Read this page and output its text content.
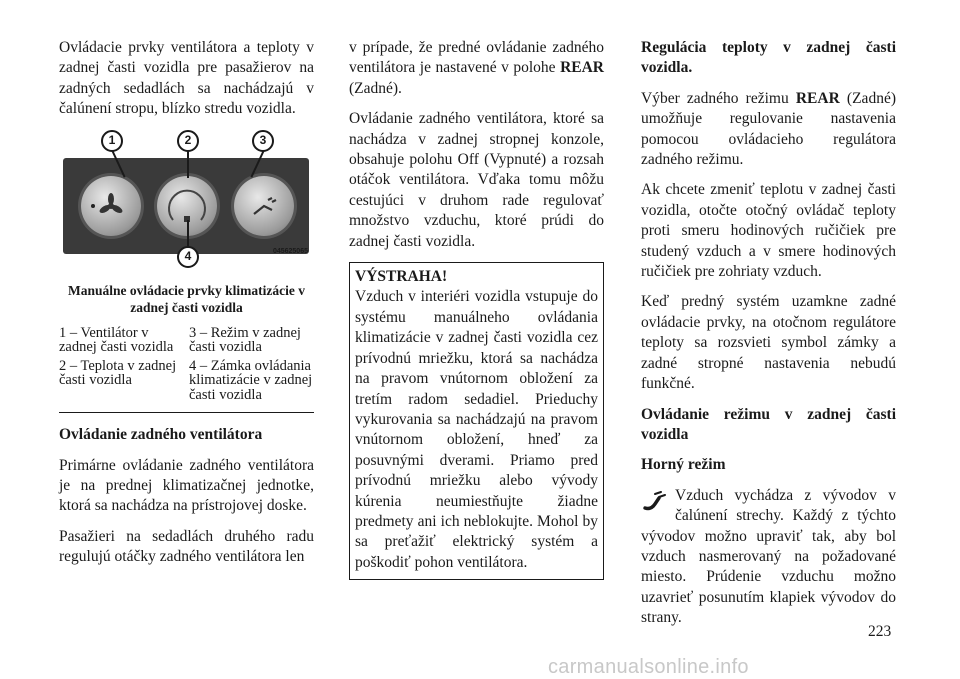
Ovládacie prvky ventilátora a teploty v zadnej časti vozidla pre pasažierov na zadných sedadlách sa nachádzajú v čalúnení stropu, blízko stredu vozidla.

1	2	3
4	045625065
Manuálne ovládacie prvky klimatizácie v zadnej časti vozidla
1 – Ventilátor v zadnej časti vozidla
3 – Režim v zadnej časti vozidla
2 – Teplota v zadnej časti vozidla
4 – Zámka ovládania klimatizácie v zadnej časti vozidla

Ovládanie zadného ventilátora

Primárne ovládanie zadného ventilátora je na prednej klimatizačnej jednotke, ktorá sa nachádza na prístrojovej doske.

Pasažieri na sedadlách druhého radu regulujú otáčky zadného ventilátora len

v prípade, že predné ovládanie zadného ventilátora je nastavené v polohe REAR (Zadné).

Ovládanie zadného ventilátora, ktoré sa nachádza v zadnej stropnej konzole, obsahuje polohu Off (Vypnuté) a rozsah otáčok ventilátora. Vďaka tomu môžu cestujúci v druhom rade regulovať množstvo vzduchu, ktoré prúdi do zadnej časti vozidla.

VÝSTRAHA!

Vzduch v interiéri vozidla vstupuje do systému manuálneho ovládania klimatizácie v zadnej časti vozidla cez prívodnú mriežku, ktorá sa nachádza na pravom vnútornom obložení za tretím radom sedadiel. Prieduchy vykurovania sa nachádzajú na pravom vnútornom obložení, hneď za posuvnými dverami. Priamo pred prívodnú mriežku alebo vývody kúrenia neumiestňujte žiadne predmety ani ich neblokujte. Mohol by sa preťažiť elektrický systém a poškodiť pohon ventilátora.

Regulácia teploty v zadnej časti vozidla.

Výber zadného režimu REAR (Zadné) umožňuje regulovanie nastavenia pomocou ovládacieho regulátora zadného režimu.

Ak chcete zmeniť teplotu v zadnej časti vozidla, otočte otočný ovládač teploty proti smeru hodinových ručičiek pre studený vzduch a v smere hodinových ručičiek pre zohriaty vzduch.

Keď predný systém uzamkne zadné ovládacie prvky, na otočnom regulátore teploty sa rozsvieti symbol zámky a zadné stropné nastavenia nebudú funkčné.

Ovládanie režimu v zadnej časti vozidla

Horný režim

Vzduch vychádza z vývodov v čalúnení strechy. Každý z týchto vývodov možno upraviť tak, aby bol vzduch nasmerovaný na požadované miesto. Prúdenie vzduchu možno uzavrieť posunutím klapiek vývodov do strany.
223
carmanualsonline.info
